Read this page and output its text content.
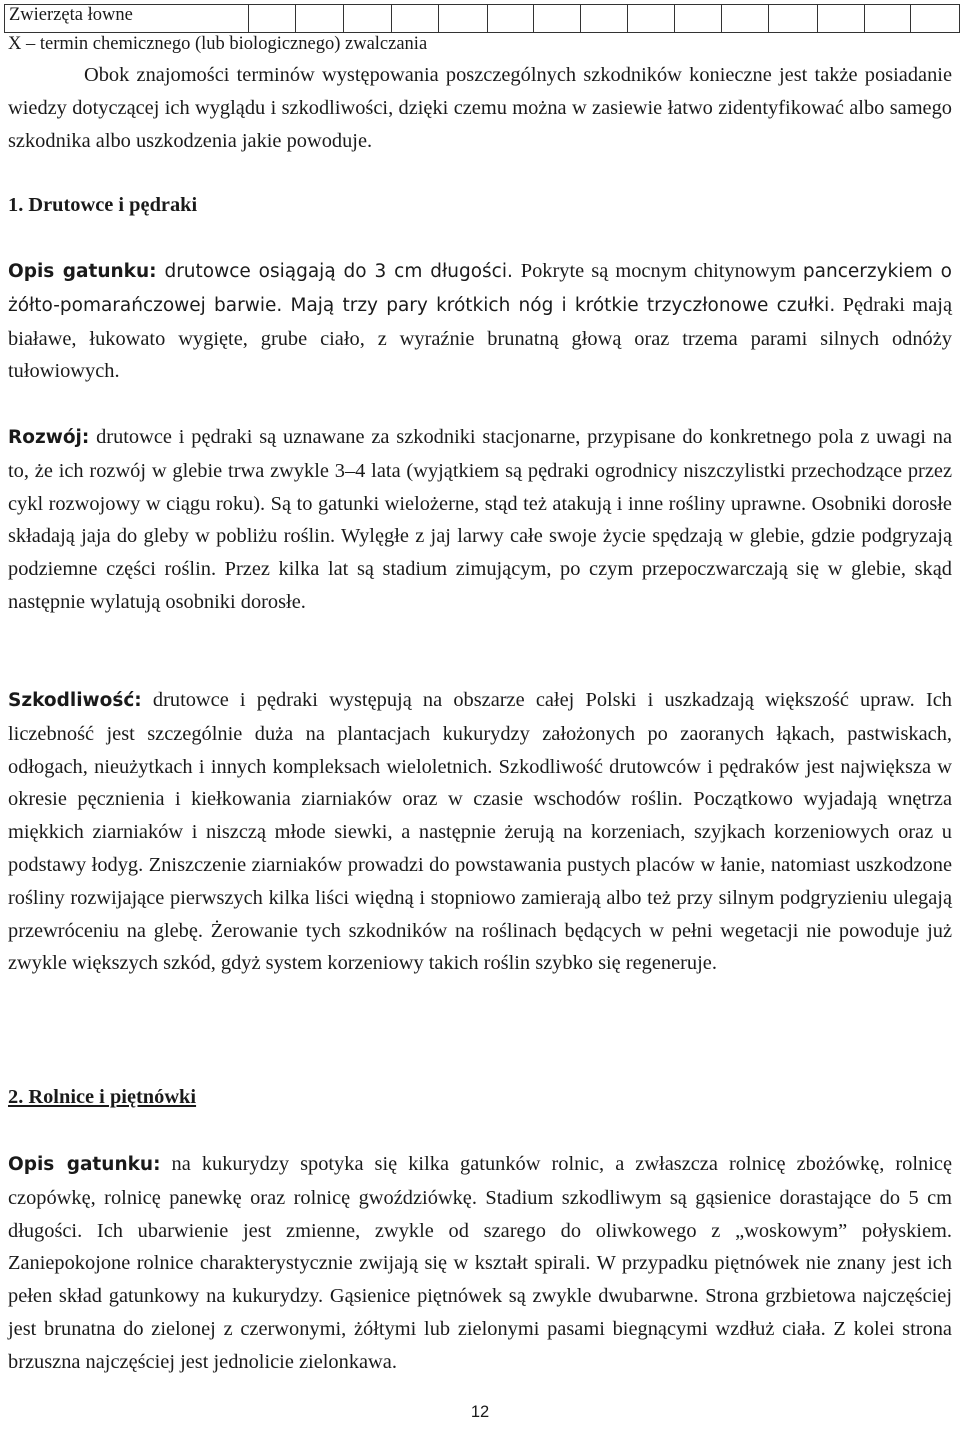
Zwierzęta łowne															
X – termin chemicznego (lub biologicznego) zwalczania

Obok znajomości terminów występowania poszczególnych szkodników konieczne jest także posiadanie wiedzy dotyczącej ich wyglądu i szkodliwości, dzięki czemu można w zasiewie łatwo zidentyfikować albo samego szkodnika albo uszkodzenia jakie powoduje.

1. Drutowce i pędraki

Opis gatunku: drutowce osiągają do 3 cm długości. Pokryte są mocnym chitynowym pancerzykiem o żółto-pomarańczowej barwie. Mają trzy pary krótkich nóg i krótkie trzyczłonowe czułki. Pędraki mają białawe, łukowato wygięte, grube ciało, z wyraźnie brunatną głową oraz trzema parami silnych odnóży tułowiowych.

Rozwój: drutowce i pędraki są uznawane za szkodniki stacjonarne, przypisane do konkretnego pola z uwagi na to, że ich rozwój w glebie trwa zwykle 3–4 lata (wyjątkiem są pędraki ogrodnicy niszczylistki przechodzące przez cykl rozwojowy w ciągu roku). Są to gatunki wielożerne, stąd też atakują i inne rośliny uprawne. Osobniki dorosłe składają jaja do gleby w pobliżu roślin. Wylęgłe z jaj larwy całe swoje życie spędzają w glebie, gdzie podgryzają podziemne części roślin. Przez kilka lat są stadium zimującym, po czym przepoczwarczają się w glebie, skąd następnie wylatują osobniki dorosłe.

Szkodliwość: drutowce i pędraki występują na obszarze całej Polski i uszkadzają większość upraw. Ich liczebność jest szczególnie duża na plantacjach kukurydzy założonych po zaoranych łąkach, pastwiskach, odłogach, nieużytkach i innych kompleksach wieloletnich. Szkodliwość drutowców i pędraków jest największa w okresie pęcznienia i kiełkowania ziarniaków oraz w czasie wschodów roślin. Początkowo wyjadają wnętrza miękkich ziarniaków i niszczą młode siewki, a następnie żerują na korzeniach, szyjkach korzeniowych oraz u podstawy łodyg. Zniszczenie ziarniaków prowadzi do powstawania pustych placów w łanie, natomiast uszkodzone rośliny rozwijające pierwszych kilka liści więdną i stopniowo zamierają albo też przy silnym podgryzieniu ulegają przewróceniu na glebę. Żerowanie tych szkodników na roślinach będących w pełni wegetacji nie powoduje już zwykle większych szkód, gdyż system korzeniowy takich roślin szybko się regeneruje.

2. Rolnice i piętnówki

Opis gatunku: na kukurydzy spotyka się kilka gatunków rolnic, a zwłaszcza rolnicę zbożówkę, rolnicę czopówkę, rolnicę panewkę oraz rolnicę gwoździówkę. Stadium szkodliwym są gąsienice dorastające do 5 cm długości. Ich ubarwienie jest zmienne, zwykle od szarego do oliwkowego z „woskowym” połyskiem. Zaniepokojone rolnice charakterystycznie zwijają się w kształt spirali. W przypadku piętnówek nie znany jest ich pełen skład gatunkowy na kukurydzy. Gąsienice piętnówek są zwykle dwubarwne. Strona grzbietowa najczęściej jest brunatna do zielonej z czerwonymi, żółtymi lub zielonymi pasami biegnącymi wzdłuż ciała. Z kolei strona brzuszna najczęściej jest jednolicie zielonkawa.

12
